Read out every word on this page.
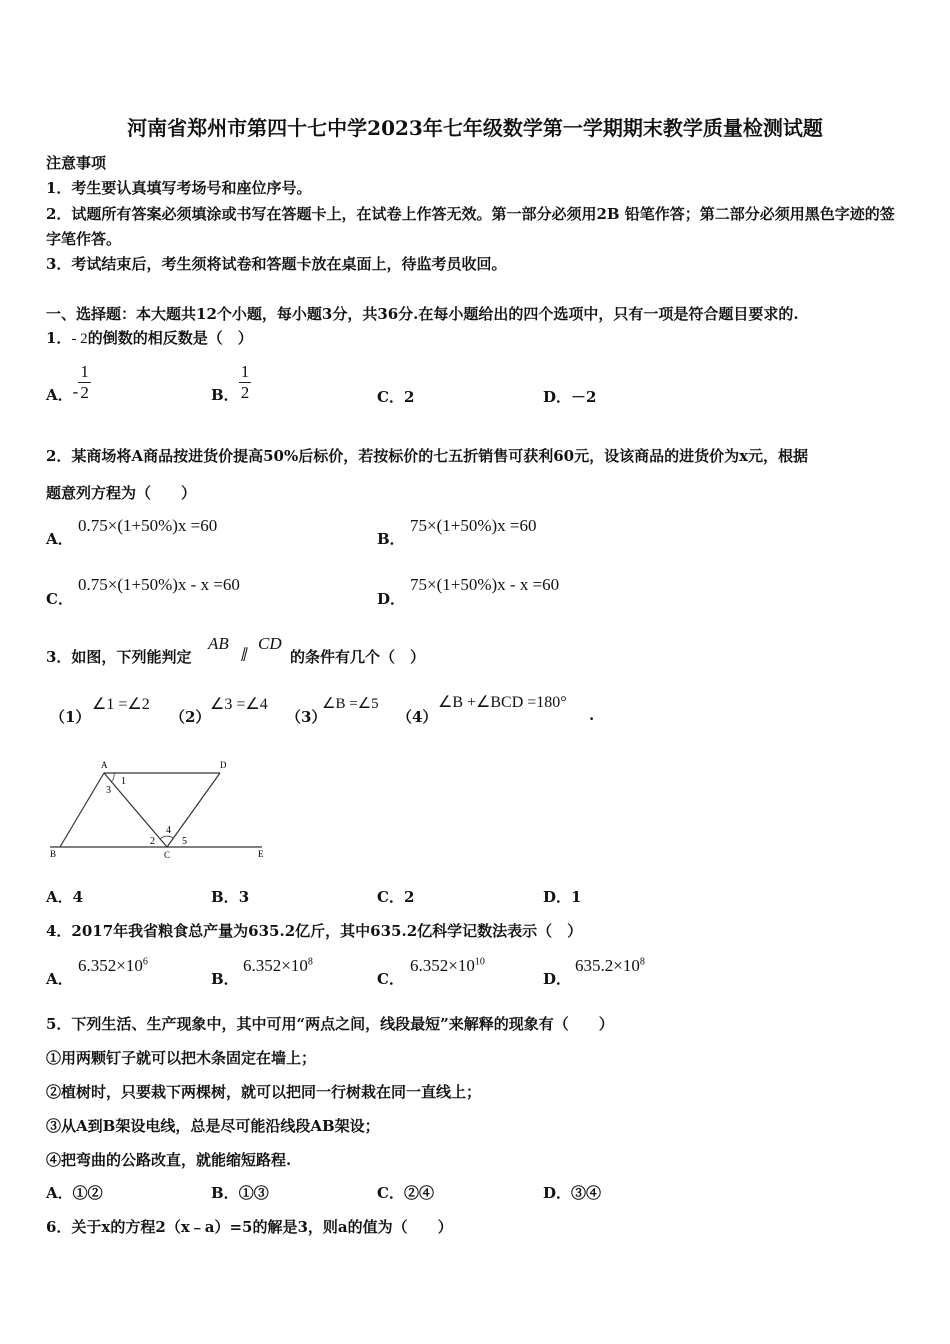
河南省郑州市第四十七中学2023年七年级数学第一学期期末教学质量检测试题
注意事项
1．考生要认真填写考场号和座位序号。
2．试题所有答案必须填涂或书写在答题卡上，在试卷上作答无效。第一部分必须用2B 铅笔作答；第二部分必须用黑色字迹的签字笔作答。
3．考试结束后，考生须将试卷和答题卡放在桌面上，待监考员收回。
一、选择题：本大题共12个小题，每小题3分，共36分.在每小题给出的四个选项中，只有一项是符合题目要求的.
1．- 2的倒数的相反数是（　）
A．- $\frac{1}{2}$	B． $\frac{1}{2}$	C．2	D．－2
2．某商场将A商品按进货价提高50%后标价，若按标价的七五折销售可获利60元，设该商品的进货价为x元，根据
题意列方程为（　　）
A．
0.75×(1+50%)x =60
B．
75×(1+50%)x =60
C．
0.75×(1+50%)x - x =60
D．
75×(1+50%)x - x =60
3．如图，下列能判定
AB
∥
CD
的条件有几个（　）
（1）
∠1 =∠2
（2）
∠3 =∠4
（3）
∠B =∠5
（4）
∠B +∠BCD =180°
.
A	D
B	C	E
1
2
3
4
5
A．4	B．3	C．2	D．1
4．2017年我省粮食总产量为635.2亿斤，其中635.2亿科学记数法表示（　）
A．
$6.352\times 10^6$
B．
$6.352\times 10^8$
C．
$6.352\times 10^{10}$
D．
$635.2\times 10^8$
5．下列生活、生产现象中，其中可用“两点之间，线段最短”来解释的现象有（　　）
①用两颗钉子就可以把木条固定在墙上；
②植树时，只要栽下两棵树，就可以把同一行树栽在同一直线上；
③从A到B架设电线，总是尽可能沿线段AB架设；
④把弯曲的公路改直，就能缩短路程.
A．①②	B．①③	C．②④	D．③④
6．关于x的方程2（x﹣a）=5的解是3，则a的值为（　　）
